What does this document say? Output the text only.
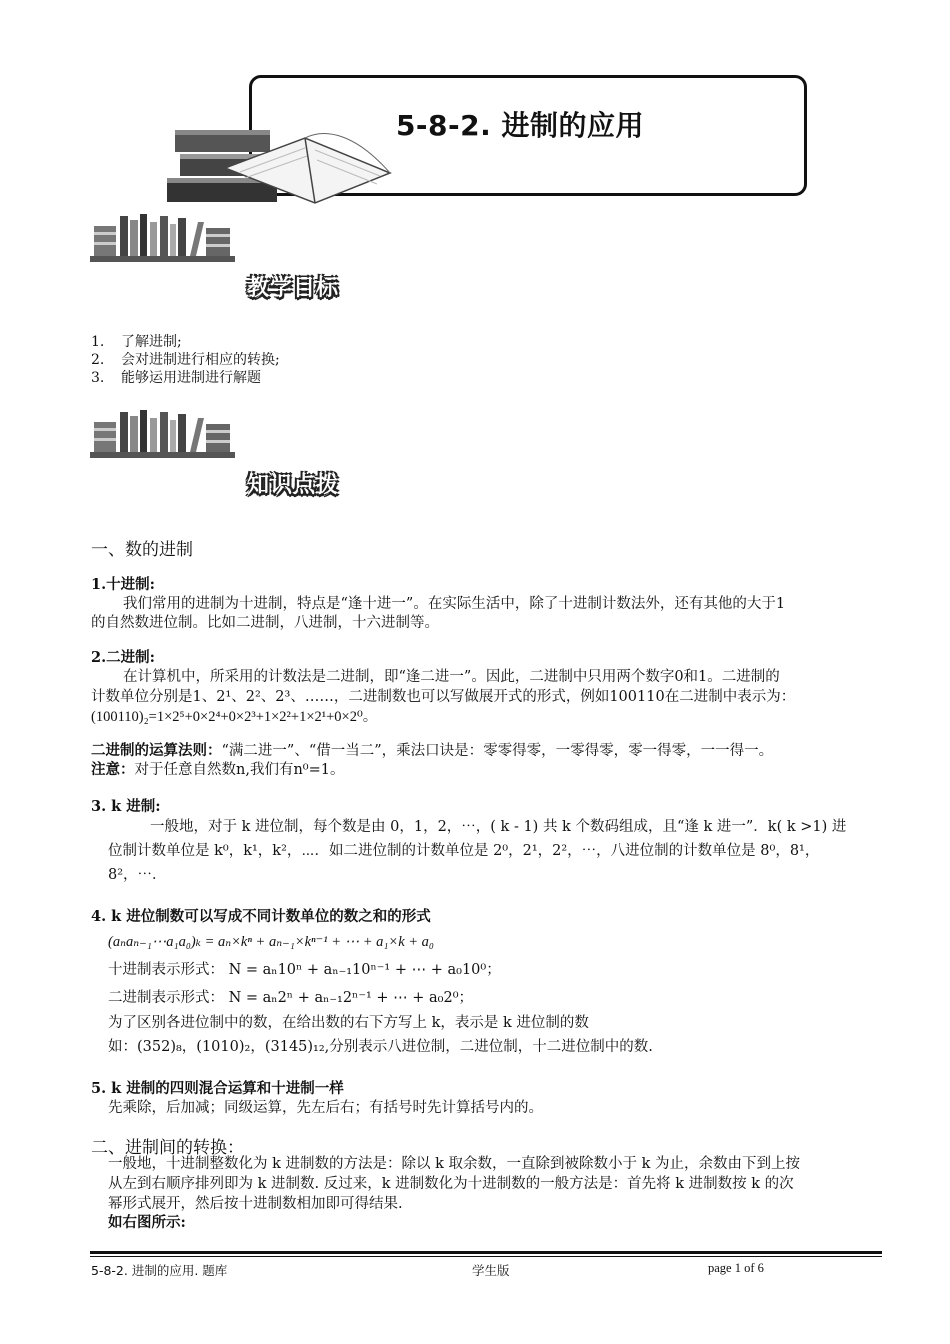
5-8-2. 进制的应用
教学目标
1. 了解进制;
2. 会对进制进行相应的转换;
3. 能够运用进制进行解题
知识点拨
一、数的进制
1.十进制:
我们常用的进制为十进制，特点是“逢十进一”。在实际生活中，除了十进制计数法外，还有其他的大于1
的自然数进位制。比如二进制，八进制，十六进制等。
2.二进制:
在计算机中，所采用的计数法是二进制，即“逢二进一”。因此，二进制中只用两个数字0和1。二进制的
计数单位分别是1、2¹、2²、2³、……，二进制数也可以写做展开式的形式，例如100110在二进制中表示为：
(100110)₂=1×2⁵+0×2⁴+0×2³+1×2²+1×2¹+0×2⁰。
二进制的运算法则：“满二进一”、“借一当二”，乘法口诀是：零零得零，一零得零，零一得零，一一得一。
注意：对于任意自然数n,我们有n⁰=1。
3. k 进制:
一般地，对于 k 进位制，每个数是由 0，1，2，⋯，( k - 1) 共 k 个数码组成，且“逢 k 进一”．k( k >1) 进
位制计数单位是 k⁰，k¹，k²，⋯．如二进位制的计数单位是 2⁰，2¹，2²，⋯，八进位制的计数单位是 8⁰，8¹，
8²，⋯．
4. k 进位制数可以写成不同计数单位的数之和的形式
(aₙaₙ₋₁⋯a₁a₀)ₖ = aₙ×kⁿ + aₙ₋₁×kⁿ⁻¹ + ⋯ + a₁×k + a₀
十进制表示形式： N = aₙ10ⁿ + aₙ₋₁10ⁿ⁻¹ + ⋯ + a₀10⁰；
二进制表示形式： N = aₙ2ⁿ + aₙ₋₁2ⁿ⁻¹ + ⋯ + a₀2⁰；
为了区别各进位制中的数，在给出数的右下方写上 k，表示是 k 进位制的数
如：(352)₈，(1010)₂，(3145)₁₂,分别表示八进位制，二进位制，十二进位制中的数.
5. k 进制的四则混合运算和十进制一样
先乘除，后加减；同级运算，先左后右；有括号时先计算括号内的。
二、进制间的转换：
一般地，十进制整数化为 k 进制数的方法是：除以 k 取余数，一直除到被除数小于 k 为止，余数由下到上按
从左到右顺序排列即为 k 进制数. 反过来，k 进制数化为十进制数的一般方法是：首先将 k 进制数按 k 的次
幂形式展开，然后按十进制数相加即可得结果.
如右图所示:
5-8-2. 进制的应用. 题库	学生版	page 1 of 6
